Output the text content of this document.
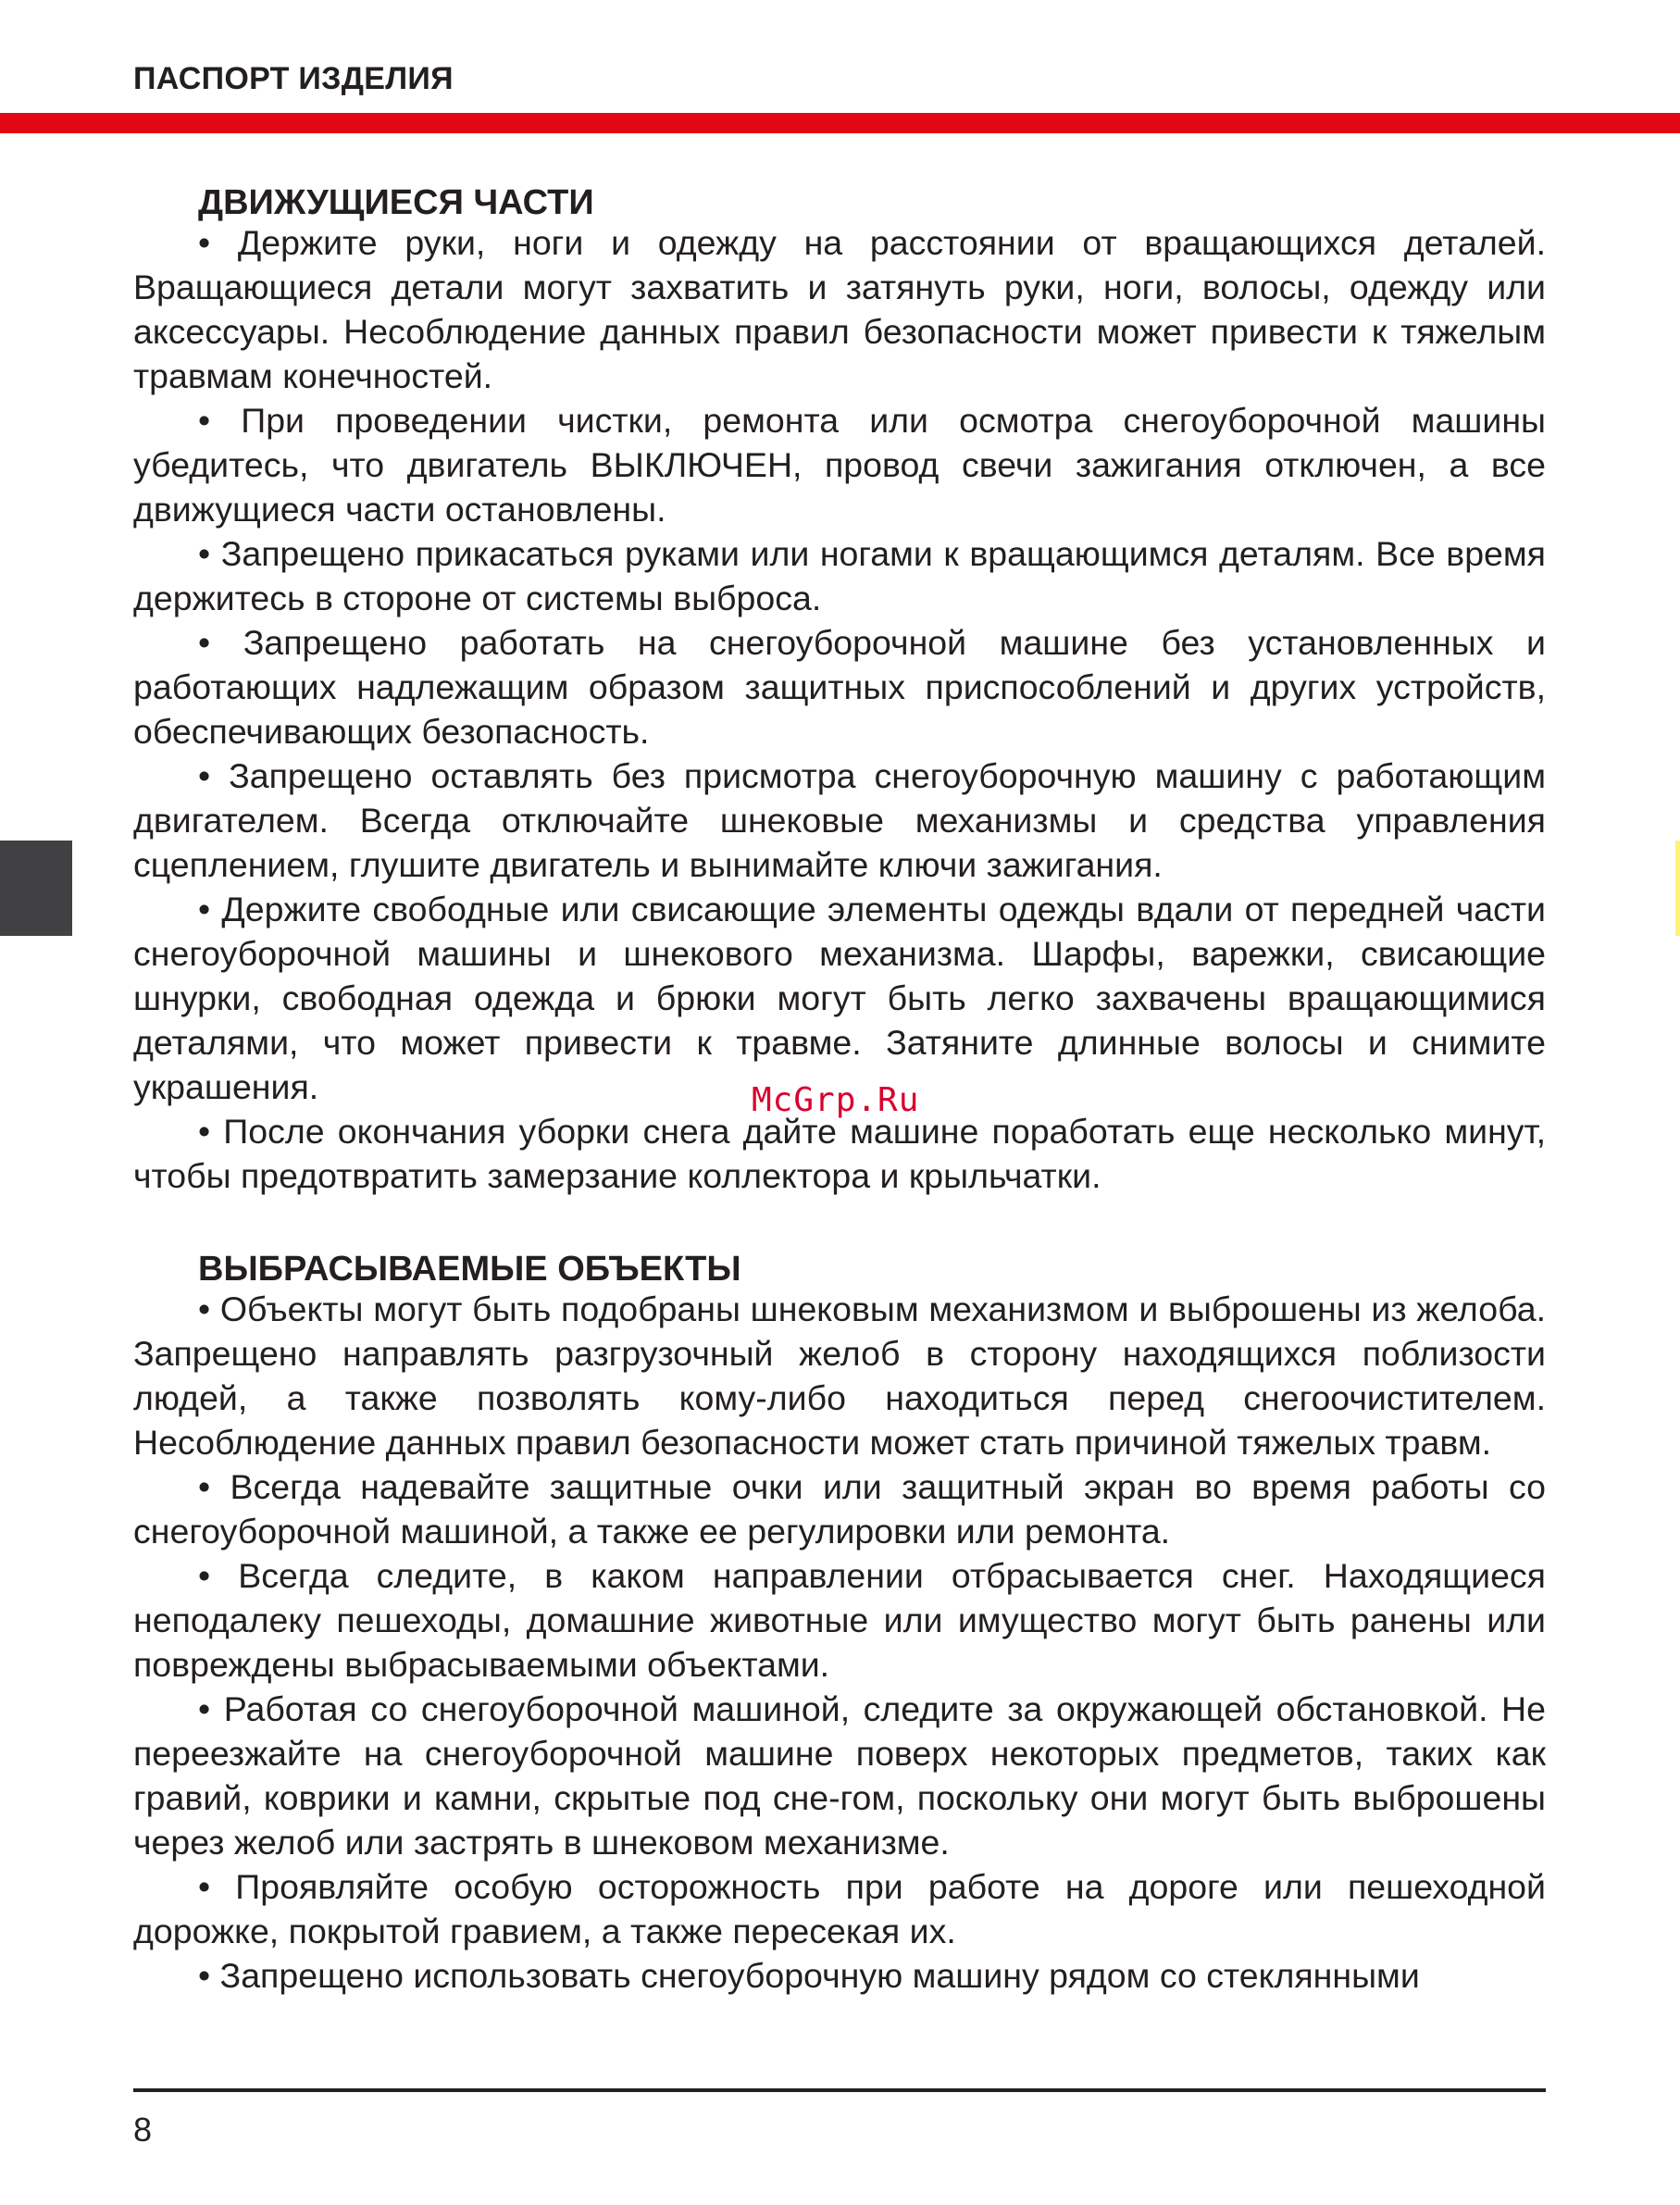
ПАСПОРТ ИЗДЕЛИЯ
ДВИЖУЩИЕСЯ ЧАСТИ

• Держите руки, ноги и одежду на расстоянии от вращающихся деталей. Вращающиеся детали могут захватить и затянуть руки, ноги, волосы, одежду или аксессуары. Несоблюдение данных правил безопасности может привести к тяжелым травмам конечностей.

• При проведении чистки, ремонта или осмотра снегоуборочной машины убедитесь, что двигатель ВЫКЛЮЧЕН, провод свечи зажигания отключен, а все движущиеся части остановлены.

• Запрещено прикасаться руками или ногами к вращающимся деталям. Все время держитесь в стороне от системы выброса.

• Запрещено работать на снегоуборочной машине без установленных и работающих надлежащим образом защитных приспособлений и других устройств, обеспечивающих безопасность.

• Запрещено оставлять без присмотра снегоуборочную машину с работающим двигателем. Всегда отключайте шнековые механизмы и средства управления сцеплением, глушите двигатель и вынимайте ключи зажигания.

• Держите свободные или свисающие элементы одежды вдали от передней части снегоуборочной машины и шнекового механизма. Шарфы, варежки, свисающие шнурки, свободная одежда и брюки могут быть легко захвачены вращающимися деталями, что может привести к травме. Затяните длинные волосы и снимите украшения.

• После окончания уборки снега дайте машине поработать еще несколько минут, чтобы предотвратить замерзание коллектора и крыльчатки.

ВЫБРАСЫВАЕМЫЕ ОБЪЕКТЫ

• Объекты могут быть подобраны шнековым механизмом и выброшены из желоба. Запрещено направлять разгрузочный желоб в сторону находящихся поблизости людей, а также позволять кому-либо находиться перед снегоочистителем. Несоблюдение данных правил безопасности может стать причиной тяжелых травм.

• Всегда надевайте защитные очки или защитный экран во время работы со снегоуборочной машиной, а также ее регулировки или ремонта.

• Всегда следите, в каком направлении отбрасывается снег. Находящиеся неподалеку пешеходы, домашние животные или имущество могут быть ранены или повреждены выбрасываемыми объектами.

• Работая со снегоуборочной машиной, следите за окружающей обстановкой. Не переезжайте на снегоуборочной машине поверх некоторых предметов, таких как гравий, коврики и камни, скрытые под сне-гом, поскольку они могут быть выброшены через желоб или застрять в шнековом механизме.

• Проявляйте особую осторожность при работе на дороге или пешеходной дорожке, покрытой гравием, а также пересекая их.

• Запрещено использовать снегоуборочную машину рядом со стеклянными

McGrp.Ru
8
